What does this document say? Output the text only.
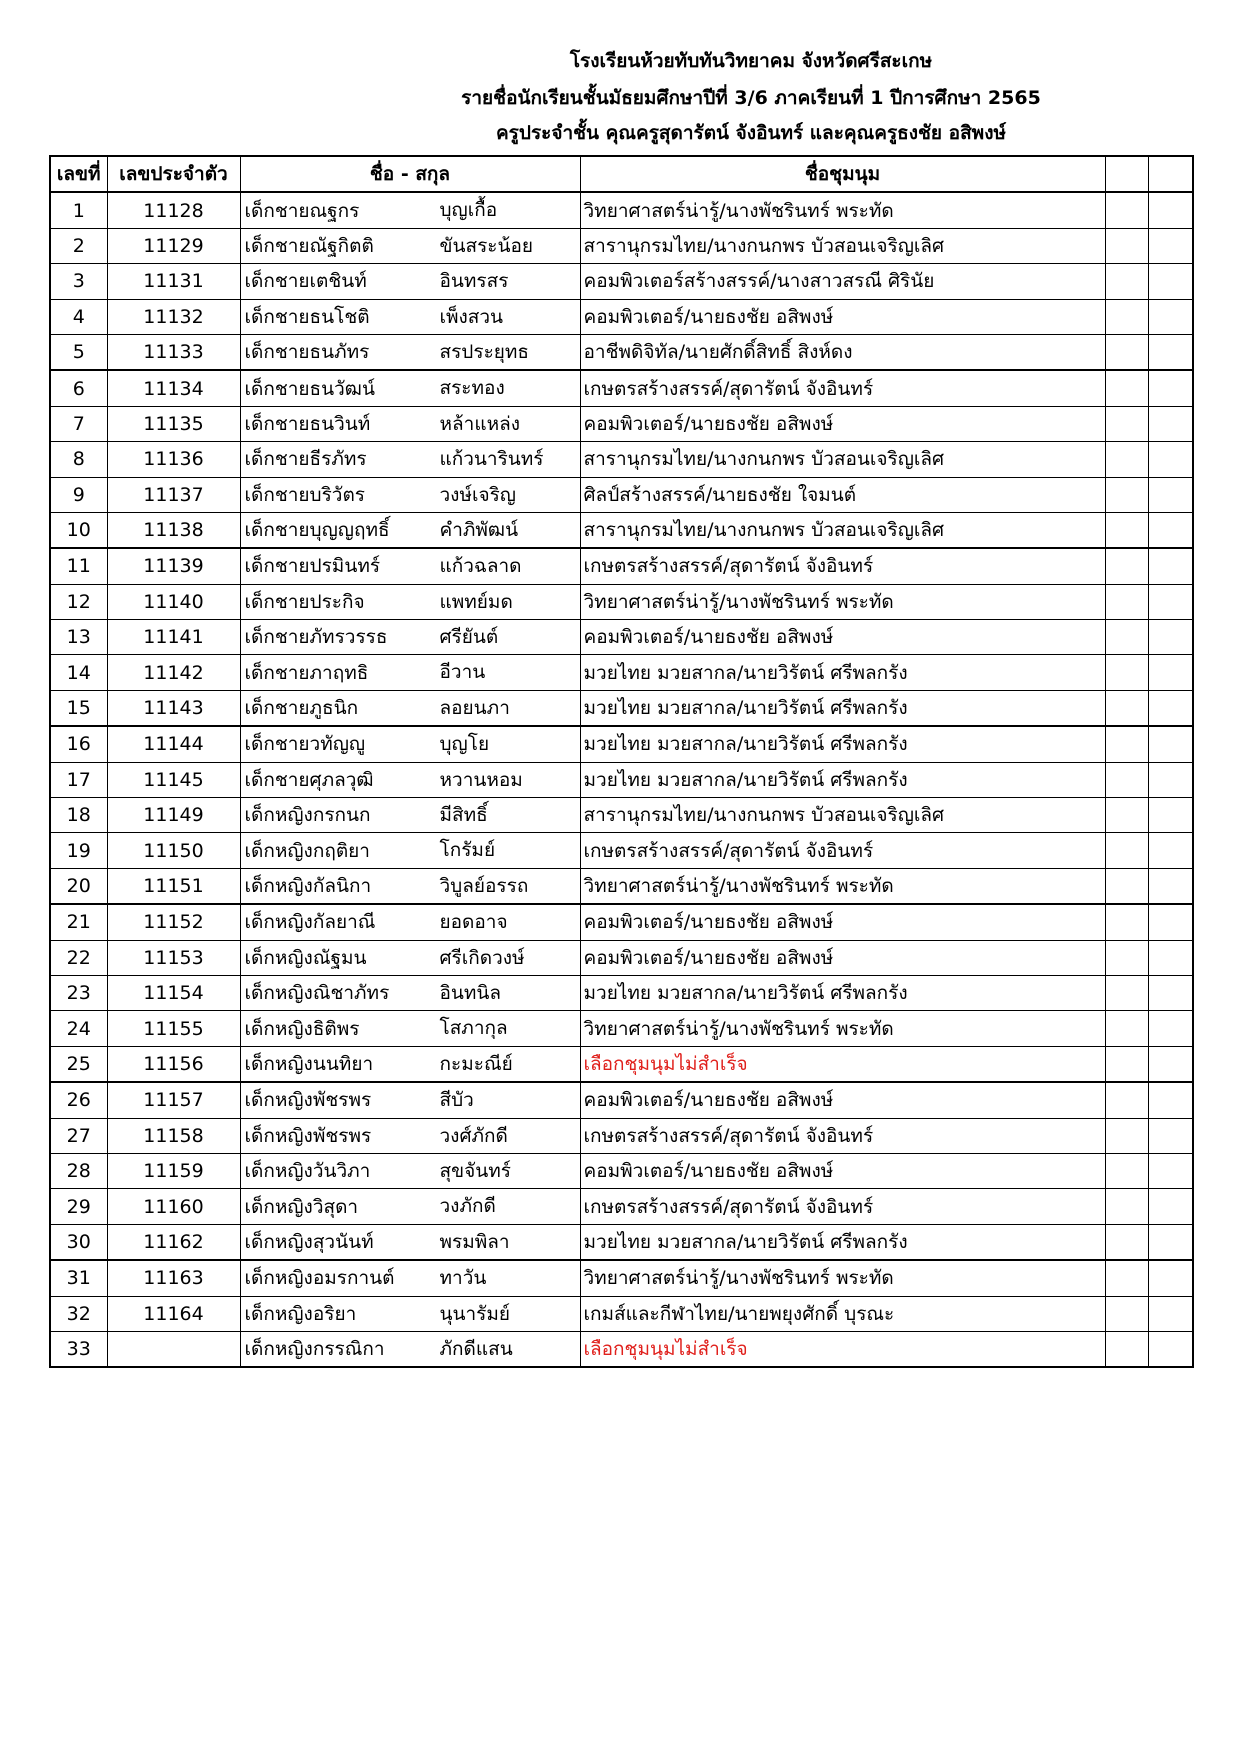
โรงเรียนห้วยทับทันวิทยาคม จังหวัดศรีสะเกษ
รายชื่อนักเรียนชั้นมัธยมศึกษาปีที่ 3/6 ภาคเรียนที่ 1 ปีการศึกษา 2565
ครูประจำชั้น คุณครูสุดารัตน์ จังอินทร์ และคุณครูธงชัย อสิพงษ์
เลขที่	เลขประจำตัว	ชื่อ - สกุล	ชื่อชุมนุม		
1	11128	เด็กชายณฐกร บุญเกื้อ	วิทยาศาสตร์น่ารู้/นางพัชรินทร์ พระทัด		
2	11129	เด็กชายณัฐกิตติ ขันสระน้อย	สารานุกรมไทย/นางกนกพร บัวสอนเจริญเลิศ		
3	11131	เด็กชายเตชินท์ อินทรสร	คอมพิวเตอร์สร้างสรรค์/นางสาวสรณี ศิรินัย		
4	11132	เด็กชายธนโชติ เพ็งสวน	คอมพิวเตอร์/นายธงชัย อสิพงษ์		
5	11133	เด็กชายธนภัทร สรประยุทธ	อาชีพดิจิทัล/นายศักดิ์สิทธิ์ สิงห์ดง		
6	11134	เด็กชายธนวัฒน์ สระทอง	เกษตรสร้างสรรค์/สุดารัตน์ จังอินทร์		
7	11135	เด็กชายธนวินท์ หล้าแหล่ง	คอมพิวเตอร์/นายธงชัย อสิพงษ์		
8	11136	เด็กชายธีรภัทร แก้วนารินทร์	สารานุกรมไทย/นางกนกพร บัวสอนเจริญเลิศ		
9	11137	เด็กชายบริวัตร วงษ์เจริญ	ศิลป์สร้างสรรค์/นายธงชัย ใจมนต์		
10	11138	เด็กชายบุญญฤทธิ์ คำภิพัฒน์	สารานุกรมไทย/นางกนกพร บัวสอนเจริญเลิศ		
11	11139	เด็กชายปรมินทร์ แก้วฉลาด	เกษตรสร้างสรรค์/สุดารัตน์ จังอินทร์		
12	11140	เด็กชายประกิจ แพทย์มด	วิทยาศาสตร์น่ารู้/นางพัชรินทร์ พระทัด		
13	11141	เด็กชายภัทรวรรธ ศรียันต์	คอมพิวเตอร์/นายธงชัย อสิพงษ์		
14	11142	เด็กชายภาฤทธิ อีวาน	มวยไทย มวยสากล/นายวิรัตน์ ศรีพลกรัง		
15	11143	เด็กชายภูธนิก ลอยนภา	มวยไทย มวยสากล/นายวิรัตน์ ศรีพลกรัง		
16	11144	เด็กชายวทัญญู บุญโย	มวยไทย มวยสากล/นายวิรัตน์ ศรีพลกรัง		
17	11145	เด็กชายศุภลวุฒิ หวานหอม	มวยไทย มวยสากล/นายวิรัตน์ ศรีพลกรัง		
18	11149	เด็กหญิงกรกนก มีสิทธิ์	สารานุกรมไทย/นางกนกพร บัวสอนเจริญเลิศ		
19	11150	เด็กหญิงกฤติยา โกรัมย์	เกษตรสร้างสรรค์/สุดารัตน์ จังอินทร์		
20	11151	เด็กหญิงกัลนิกา วิบูลย์อรรถ	วิทยาศาสตร์น่ารู้/นางพัชรินทร์ พระทัด		
21	11152	เด็กหญิงกัลยาณี ยอดอาจ	คอมพิวเตอร์/นายธงชัย อสิพงษ์		
22	11153	เด็กหญิงณัฐมน ศรีเกิดวงษ์	คอมพิวเตอร์/นายธงชัย อสิพงษ์		
23	11154	เด็กหญิงณิชาภัทร อินทนิล	มวยไทย มวยสากล/นายวิรัตน์ ศรีพลกรัง		
24	11155	เด็กหญิงธิติพร โสภากุล	วิทยาศาสตร์น่ารู้/นางพัชรินทร์ พระทัด		
25	11156	เด็กหญิงนนทิยา กะมะณีย์	เลือกชุมนุมไม่สำเร็จ		
26	11157	เด็กหญิงพัชรพร สีบัว	คอมพิวเตอร์/นายธงชัย อสิพงษ์		
27	11158	เด็กหญิงพัชรพร วงศ์ภักดี	เกษตรสร้างสรรค์/สุดารัตน์ จังอินทร์		
28	11159	เด็กหญิงวันวิภา สุขจันทร์	คอมพิวเตอร์/นายธงชัย อสิพงษ์		
29	11160	เด็กหญิงวิสุดา วงภักดี	เกษตรสร้างสรรค์/สุดารัตน์ จังอินทร์		
30	11162	เด็กหญิงสุวนันท์ พรมพิลา	มวยไทย มวยสากล/นายวิรัตน์ ศรีพลกรัง		
31	11163	เด็กหญิงอมรกานต์ ทาวัน	วิทยาศาสตร์น่ารู้/นางพัชรินทร์ พระทัด		
32	11164	เด็กหญิงอริยา นุนารัมย์	เกมส์และกีฬาไทย/นายพยุงศักดิ์ บุรณะ		
33		เด็กหญิงกรรณิกา ภักดีแสน	เลือกชุมนุมไม่สำเร็จ		
